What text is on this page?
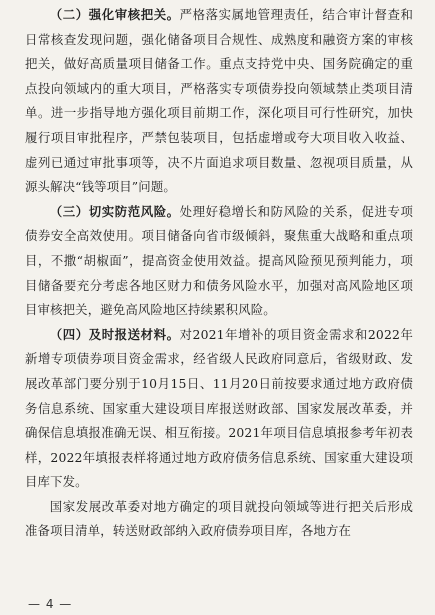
（二）强化审核把关。严格落实属地管理责任，结合审计督查和日常核查发现问题，强化储备项目合规性、成熟度和融资方案的审核把关，做好高质量项目储备工作。重点支持党中央、国务院确定的重点投向领域内的重大项目，严格落实专项债券投向领域禁止类项目清单。进一步指导地方强化项目前期工作，深化项目可行性研究，加快履行项目审批程序，严禁包装项目，包括虚增或夸大项目收入收益、虚列已通过审批事项等，决不片面追求项目数量、忽视项目质量，从源头解决“钱等项目”问题。

（三）切实防范风险。处理好稳增长和防风险的关系，促进专项债券安全高效使用。项目储备向省市级倾斜，聚焦重大战略和重点项目，不撒“胡椒面”，提高资金使用效益。提高风险预见预判能力，项目储备要充分考虑各地区财力和债务风险水平，加强对高风险地区项目审核把关，避免高风险地区持续累积风险。

（四）及时报送材料。对2021年增补的项目资金需求和2022年新增专项债券项目资金需求，经省级人民政府同意后，省级财政、发展改革部门要分别于10月15日、11月20日前按要求通过地方政府债务信息系统、国家重大建设项目库报送财政部、国家发展改革委，并确保信息填报准确无误、相互衔接。2021年项目信息填报参考年初表样，2022年填报表样将通过地方政府债务信息系统、国家重大建设项目库下发。

国家发展改革委对地方确定的项目就投向领域等进行把关后形成准备项目清单，转送财政部纳入政府债券项目库，各地方在

— 4 —
